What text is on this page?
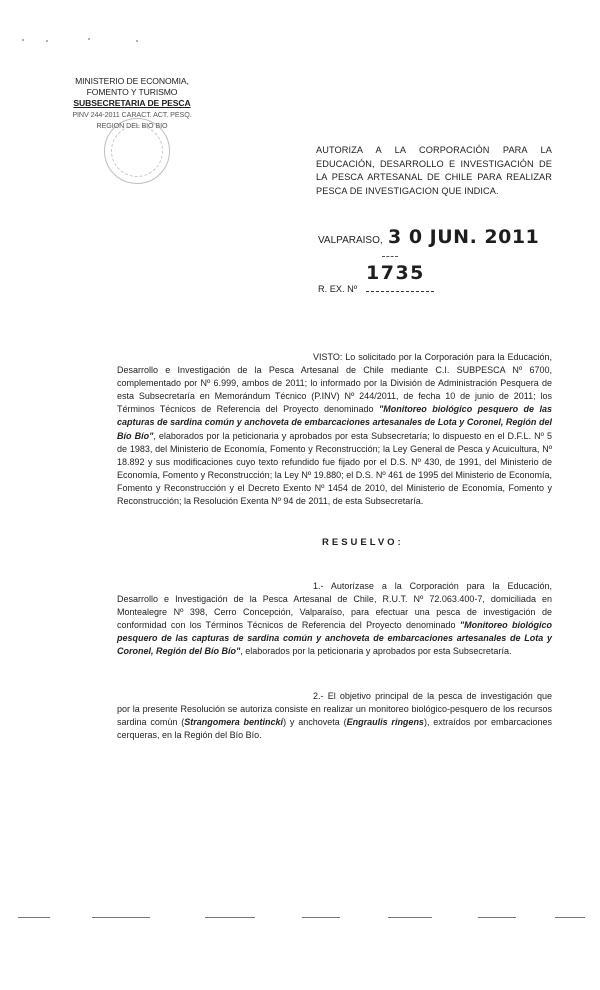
MINISTERIO DE ECONOMIA,
FOMENTO Y TURISMO
SUBSECRETARIA DE PESCA
PINV 244-2011 CARACT. ACT. PESQ.
REGION DEL BIO BIO
AUTORIZA A LA CORPORACIÓN PARA LA EDUCACIÓN, DESARROLLO E INVESTIGACIÓN DE LA PESCA ARTESANAL DE CHILE PARA REALIZAR PESCA DE INVESTIGACION QUE INDICA.
VALPARAISO, 3 0 JUN. 2011
1735
R. EX. Nº
VISTO: Lo solicitado por la Corporación para la Educación, Desarrollo e Investigación de la Pesca Artesanal de Chile mediante C.I. SUBPESCA Nº 6700, complementado por Nº 6.999, ambos de 2011; lo informado por la División de Administración Pesquera de esta Subsecretaría en Memorándum Técnico (P.INV) Nº 244/2011, de fecha 10 de junio de 2011; los Términos Técnicos de Referencia del Proyecto denominado "Monitoreo biológico pesquero de las capturas de sardina común y anchoveta de embarcaciones artesanales de Lota y Coronel, Región del Bío Bío", elaborados por la peticionaria y aprobados por esta Subsecretaría; lo dispuesto en el D.F.L. Nº 5 de 1983, del Ministerio de Economía, Fomento y Reconstrucción; la Ley General de Pesca y Acuicultura, Nº 18.892 y sus modificaciones cuyo texto refundido fue fijado por el D.S. Nº 430, de 1991, del Ministerio de Economía, Fomento y Reconstrucción; la Ley Nº 19.880; el D.S. Nº 461 de 1995 del Ministerio de Economía, Fomento y Reconstrucción y el Decreto Exento Nº 1454 de 2010, del Ministerio de Economía, Fomento y Reconstrucción; la Resolución Exenta Nº 94 de 2011, de esta Subsecretaría.
RESUELVO:
1.- Autorízase a la Corporación para la Educación, Desarrollo e Investigación de la Pesca Artesanal de Chile, R.U.T. Nº 72.063.400-7, domiciliada en Montealegre Nº 398, Cerro Concepción, Valparaíso, para efectuar una pesca de investigación de conformidad con los Términos Técnicos de Referencia del Proyecto denominado "Monitoreo biológico pesquero de las capturas de sardina común y anchoveta de embarcaciones artesanales de Lota y Coronel, Región del Bío Bío", elaborados por la peticionaria y aprobados por esta Subsecretaría.
2.- El objetivo principal de la pesca de investigación que por la presente Resolución se autoriza consiste en realizar un monitoreo biológico-pesquero de los recursos sardina común (Strangomera bentincki) y anchoveta (Engraulis ringens), extraídos por embarcaciones cerqueras, en la Región del Bío Bío.
